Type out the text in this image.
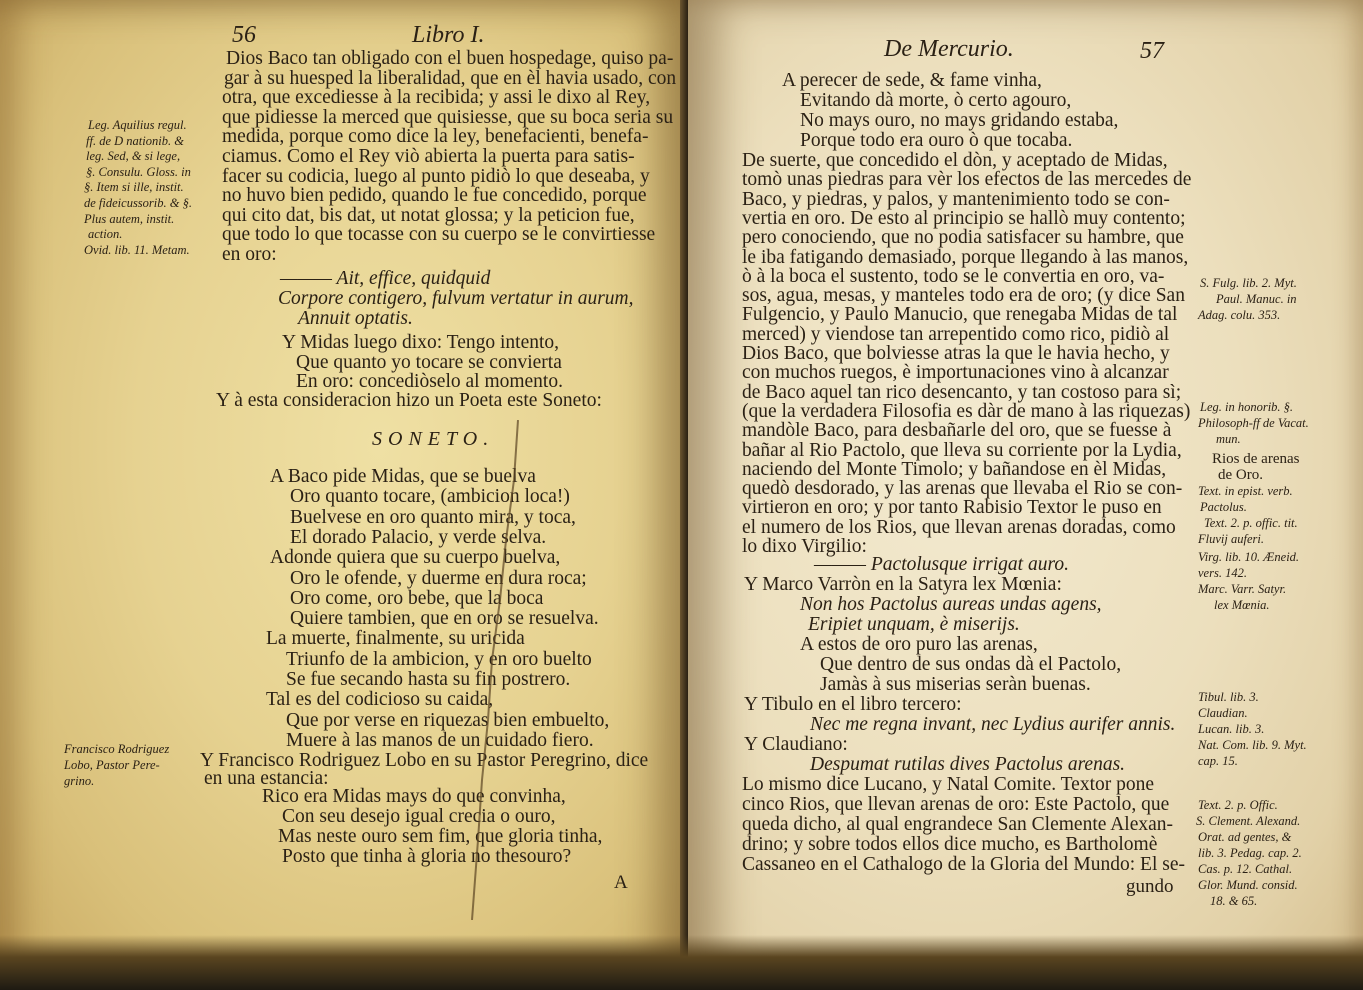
56	Libro I.
Dios Baco tan obligado con el buen hospedage, quiso pa-
gar à su huesped la liberalidad, que en èl havia usado, con
otra, que excediesse à la recibida; y assi le dixo al Rey,
que pidiesse la merced que quisiesse, que su boca seria su
medida, porque como dice la ley, benefacienti, benefa-
ciamus. Como el Rey viò abierta la puerta para satis-
facer su codicia, luego al punto pidiò lo que deseaba, y
no huvo bien pedido, quando le fue concedido, porque
qui cito dat, bis dat, ut notat glossa; y la peticion fue,
que todo lo que tocasse con su cuerpo se le convirtiesse
en oro:
——— Ait, effice, quidquid
Corpore contigero, fulvum vertatur in aurum,
Annuit optatis.
Y Midas luego dixo: Tengo intento,
Que quanto yo tocare se convierta
En oro: concediòselo al momento.
Y à esta consideracion hizo un Poeta este Soneto:
SONETO.
A Baco pide Midas, que se buelva
Oro quanto tocare, (ambicion loca!)
Buelvese en oro quanto mira, y toca,
El dorado Palacio, y verde selva.
Adonde quiera que su cuerpo buelva,
Oro le ofende, y duerme en dura roca;
Oro come, oro bebe, que la boca
Quiere tambien, que en oro se resuelva.
La muerte, finalmente, su uricida
Triunfo de la ambicion, y en oro buelto
Se fue secando hasta su fin postrero.
Tal es del codicioso su caida,
Que por verse en riquezas bien embuelto,
Muere à las manos de un cuidado fiero.
Y Francisco Rodriguez Lobo en su Pastor Peregrino, dice
en una estancia:
Rico era Midas mays do que convinha,
Con seu desejo igual crecia o ouro,
Mas neste ouro sem fim, que gloria tinha,
Posto que tinha à gloria no thesouro?
A
Leg. Aquilius regul.
ff. de D nationib. &
leg. Sed, & si lege,
§. Consulu. Gloss. in
§. Item si ille, instit.
de fideicussorib. & §.
Plus autem, instit.
action.
Ovid. lib. 11. Metam.
Francisco Rodriguez
Lobo, Pastor Pere-
grino.
De Mercurio.	57
A perecer de sede, & fame vinha,
Evitando dà morte, ò certo agouro,
No mays ouro, no mays gridando estaba,
Porque todo era ouro ò que tocaba.
De suerte, que concedido el dòn, y aceptado de Midas,
tomò unas piedras para vèr los efectos de las mercedes de
Baco, y piedras, y palos, y mantenimiento todo se con-
vertia en oro. De esto al principio se hallò muy contento;
pero conociendo, que no podia satisfacer su hambre, que
le iba fatigando demasiado, porque llegando à las manos,
ò à la boca el sustento, todo se le convertia en oro, va-
sos, agua, mesas, y manteles todo era de oro; (y dice San
Fulgencio, y Paulo Manucio, que renegaba Midas de tal
merced) y viendose tan arrepentido como rico, pidiò al
Dios Baco, que bolviesse atras la que le havia hecho, y
con muchos ruegos, è importunaciones vino à alcanzar
de Baco aquel tan rico desencanto, y tan costoso para sì;
(que la verdadera Filosofia es dàr de mano à las riquezas)
mandòle Baco, para desbañarle del oro, que se fuesse à
bañar al Rio Pactolo, que lleva su corriente por la Lydia,
naciendo del Monte Timolo; y bañandose en èl Midas,
quedò desdorado, y las arenas que llevaba el Rio se con-
virtieron en oro; y por tanto Rabisio Textor le puso en
el numero de los Rios, que llevan arenas doradas, como
lo dixo Virgilio:
——— Pactolusque irrigat auro.
Y Marco Varròn en la Satyra lex Mœnia:
Non hos Pactolus aureas undas agens,
Eripiet unquam, è miserijs.
A estos de oro puro las arenas,
Que dentro de sus ondas dà el Pactolo,
Jamàs à sus miserias seràn buenas.
Y Tibulo en el libro tercero:
Nec me regna invant, nec Lydius aurifer annis.
Y Claudiano:
Despumat rutilas dives Pactolus arenas.
Lo mismo dice Lucano, y Natal Comite. Textor pone
cinco Rios, que llevan arenas de oro: Este Pactolo, que
queda dicho, al qual engrandece San Clemente Alexan-
drino; y sobre todos ellos dice mucho, es Bartholomè
Cassaneo en el Cathalogo de la Gloria del Mundo: El se-
gundo
S. Fulg. lib. 2. Myt.
Paul. Manuc. in
Adag. colu. 353.
Leg. in honorib. §.
Philosoph-ff de Vacat.
mun.
Rios de arenas
de Oro.
Text. in epist. verb.
Pactolus.
Text. 2. p. offic. tit.
Fluvij auferi.
Virg. lib. 10. Æneid.
vers. 142.
Marc. Varr. Satyr.
lex Mœnia.
Tibul. lib. 3.
Claudian.
Lucan. lib. 3.
Nat. Com. lib. 9. Myt.
cap. 15.
Text. 2. p. Offic.
S. Clement. Alexand.
Orat. ad gentes, &
lib. 3. Pedag. cap. 2.
Cas. p. 12. Cathal.
Glor. Mund. consid.
18. & 65.
